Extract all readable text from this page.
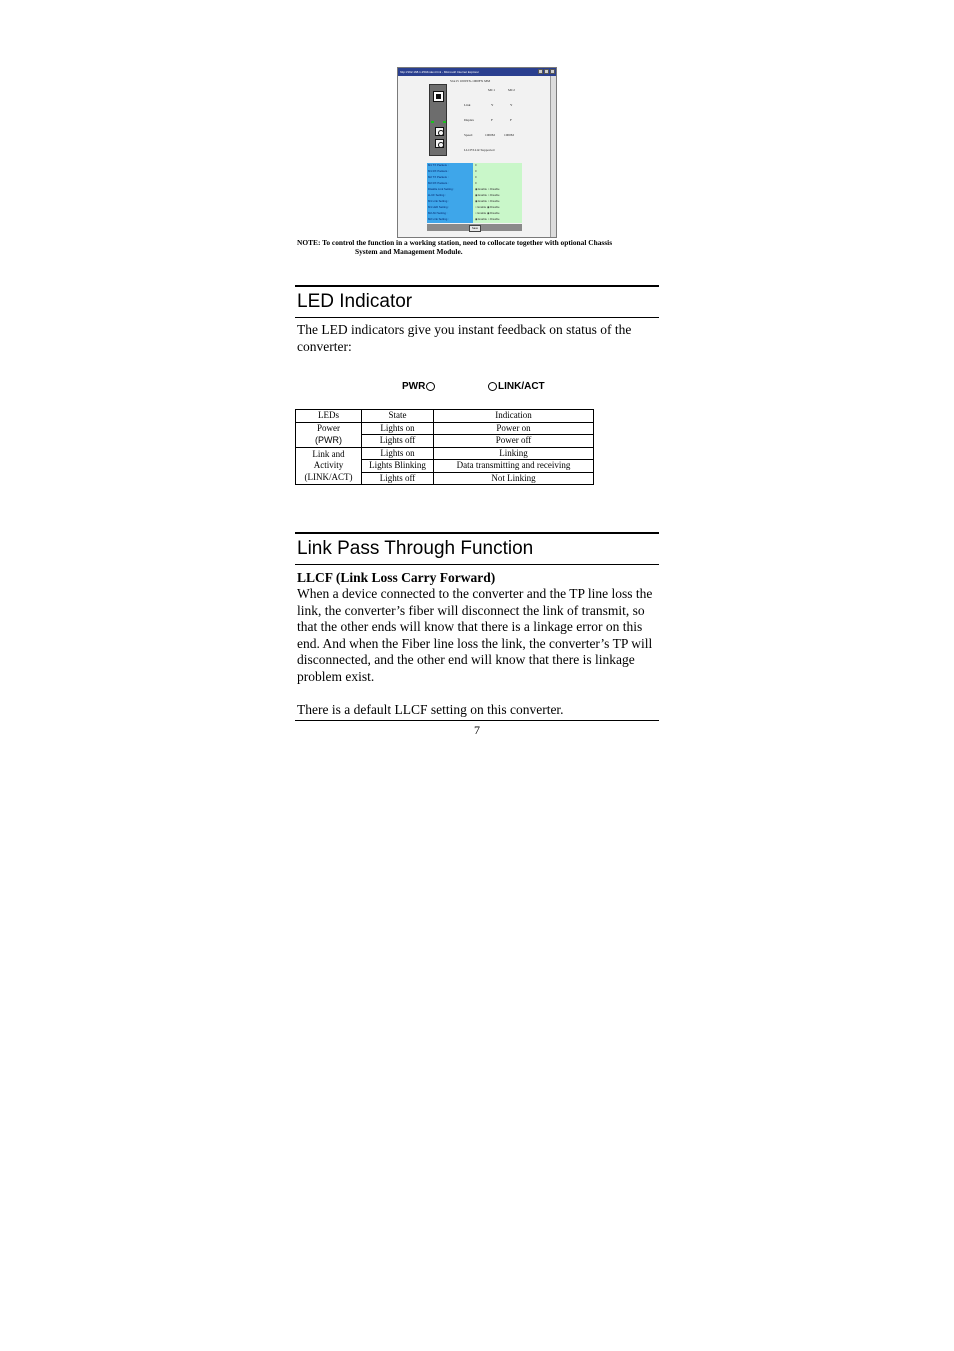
http://192.168.1.250/index.html - Microsoft Internet Explorer
Slot15 1000TX-1000FX MM
MC1	MC2
Link	Y	Y
Duplex	F	F
Speed	1000M	1000M
LLCF/LLR Supported
M1 TX Packets :	0
M1 RX Packets :	0
M2 TX Packets :	0
M2 RX Packets :	0
Disable Link Setting :	◉ Enable ○ Disable
LLCF Setting :	◉ Enable ○ Disable
M1 Link Setting :	◉ Enable ○ Disable
M1 LED Setting :	○ Enable ◉ Disable
M2 AN Setting :	○ Enable ◉ Disable
M2 Link Setting :	◉ Enable ○ Disable
Save
NOTE: To control the function in a working station, need to collocate together with optional Chassis
System and Management Module.
LED Indicator
The LED indicators give you instant feedback on status of the converter:
PWR	LINK/ACT
LEDs	State	Indication

Power
(PWR)	Lights on	Power on
	Lights off	Power off

Link and
Activity
(LINK/ACT)	Lights on	Linking
	Lights Blinking	Data transmitting and receiving
	Lights off	Not Linking
Link Pass Through Function
LLCF (Link Loss Carry Forward)
When a device connected to the converter and the TP line loss the link, the converter’s fiber will disconnect the link of transmit, so that the other ends will know that there is a linkage error on this end. And when the Fiber line loss the link, the converter’s TP will disconnected, and the other end will know that there is linkage problem exist.
There is a default LLCF setting on this converter.
7
